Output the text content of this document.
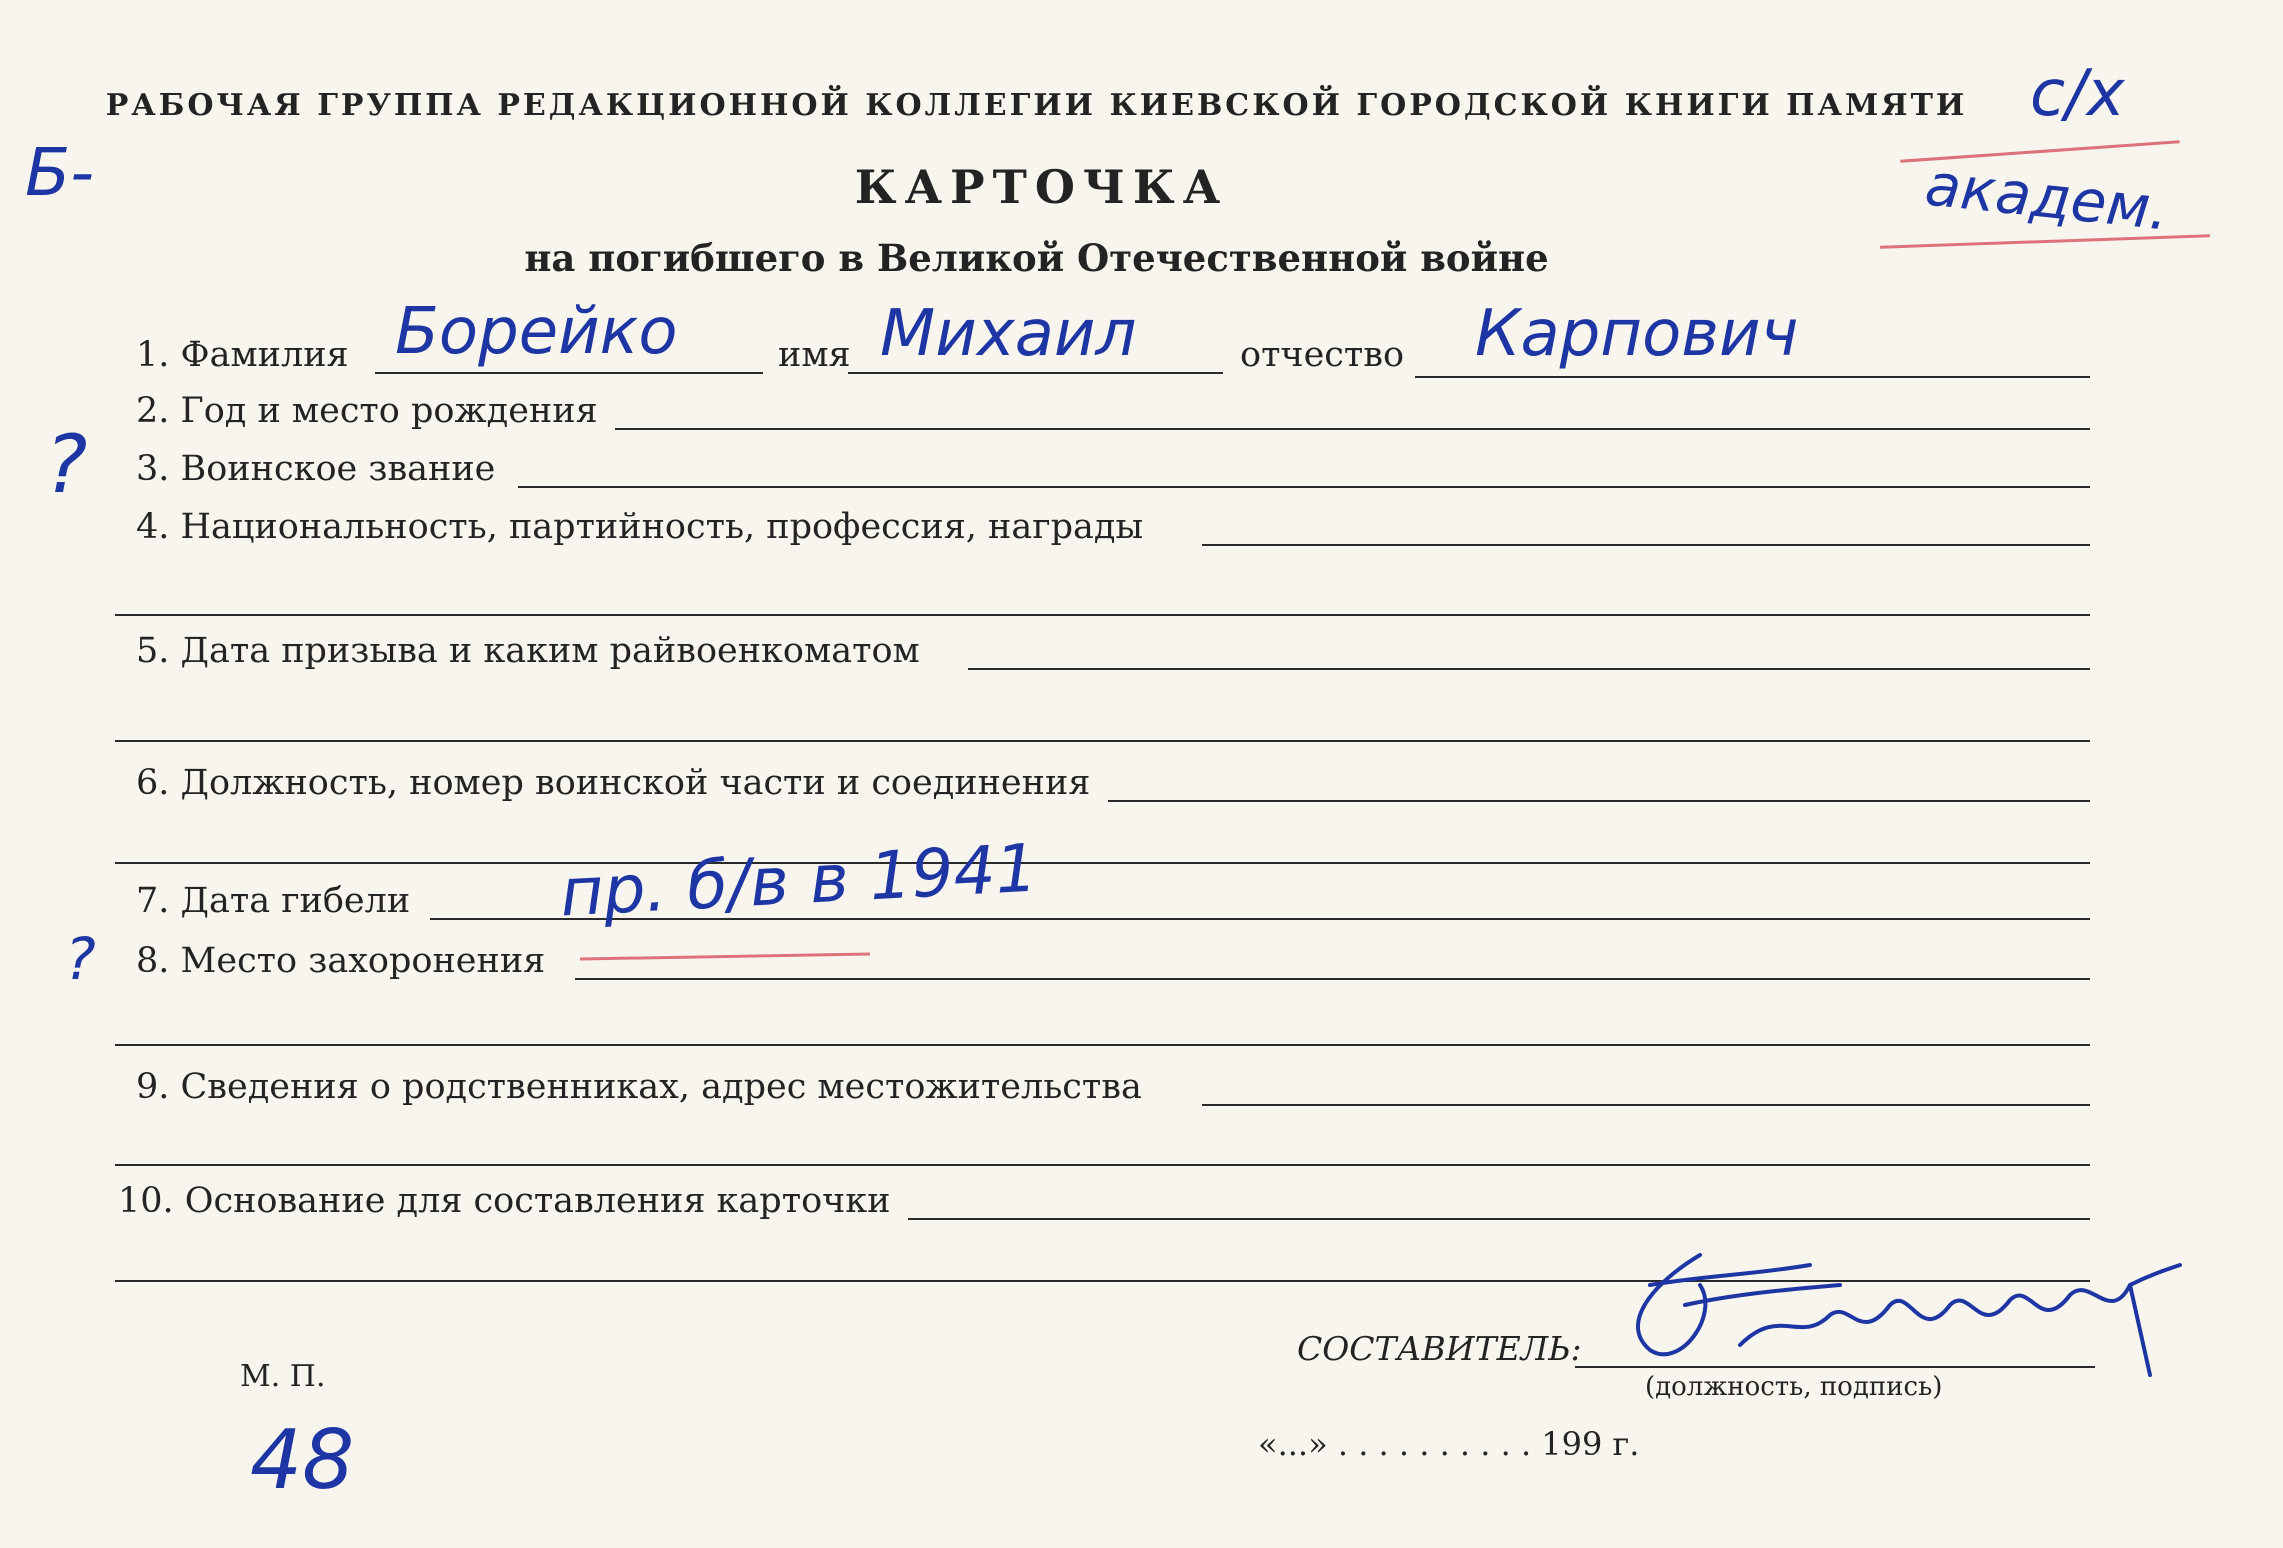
РАБОЧАЯ ГРУППА РЕДАКЦИОННОЙ КОЛЛЕГИИ КИЕВСКОЙ ГОРОДСКОЙ КНИГИ ПАМЯТИ
КАРТОЧКА
на погибшего в Великой Отечественной войне
с/х
академ.
Б-
?
?
1. Фамилия Борейко	имя Михаил	отчество Карпович
2. Год и место рождения
3. Воинское звание
4. Национальность, партийность, профессия, награды
5. Дата призыва и каким райвоенкоматом
6. Должность, номер воинской части и соединения
7. Дата гибели пр. б/в в 1941
8. Место захоронения
9. Сведения о родственниках, адрес местожительства
10. Основание для составления карточки
М. П.
48
СОСТАВИТЕЛЬ:
(должность, подпись)
«...» . . . . . . . . . . 199 г.
